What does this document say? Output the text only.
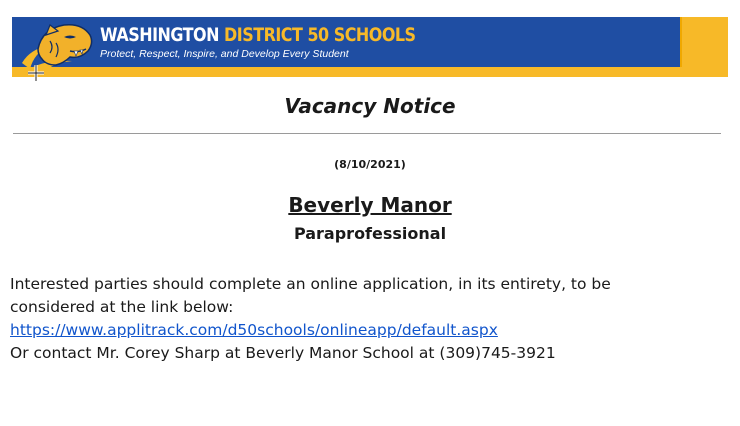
WASHINGTON DISTRICT 50 SCHOOLS
Protect, Respect, Inspire, and Develop Every Student
Vacancy Notice
(8/10/2021)
Beverly Manor
Paraprofessional

Interested parties should complete an online application, in its entirety, to be considered at the link below:

https://www.applitrack.com/d50schools/onlineapp/default.aspx

Or contact Mr. Corey Sharp at Beverly Manor School at (309)745-3921
